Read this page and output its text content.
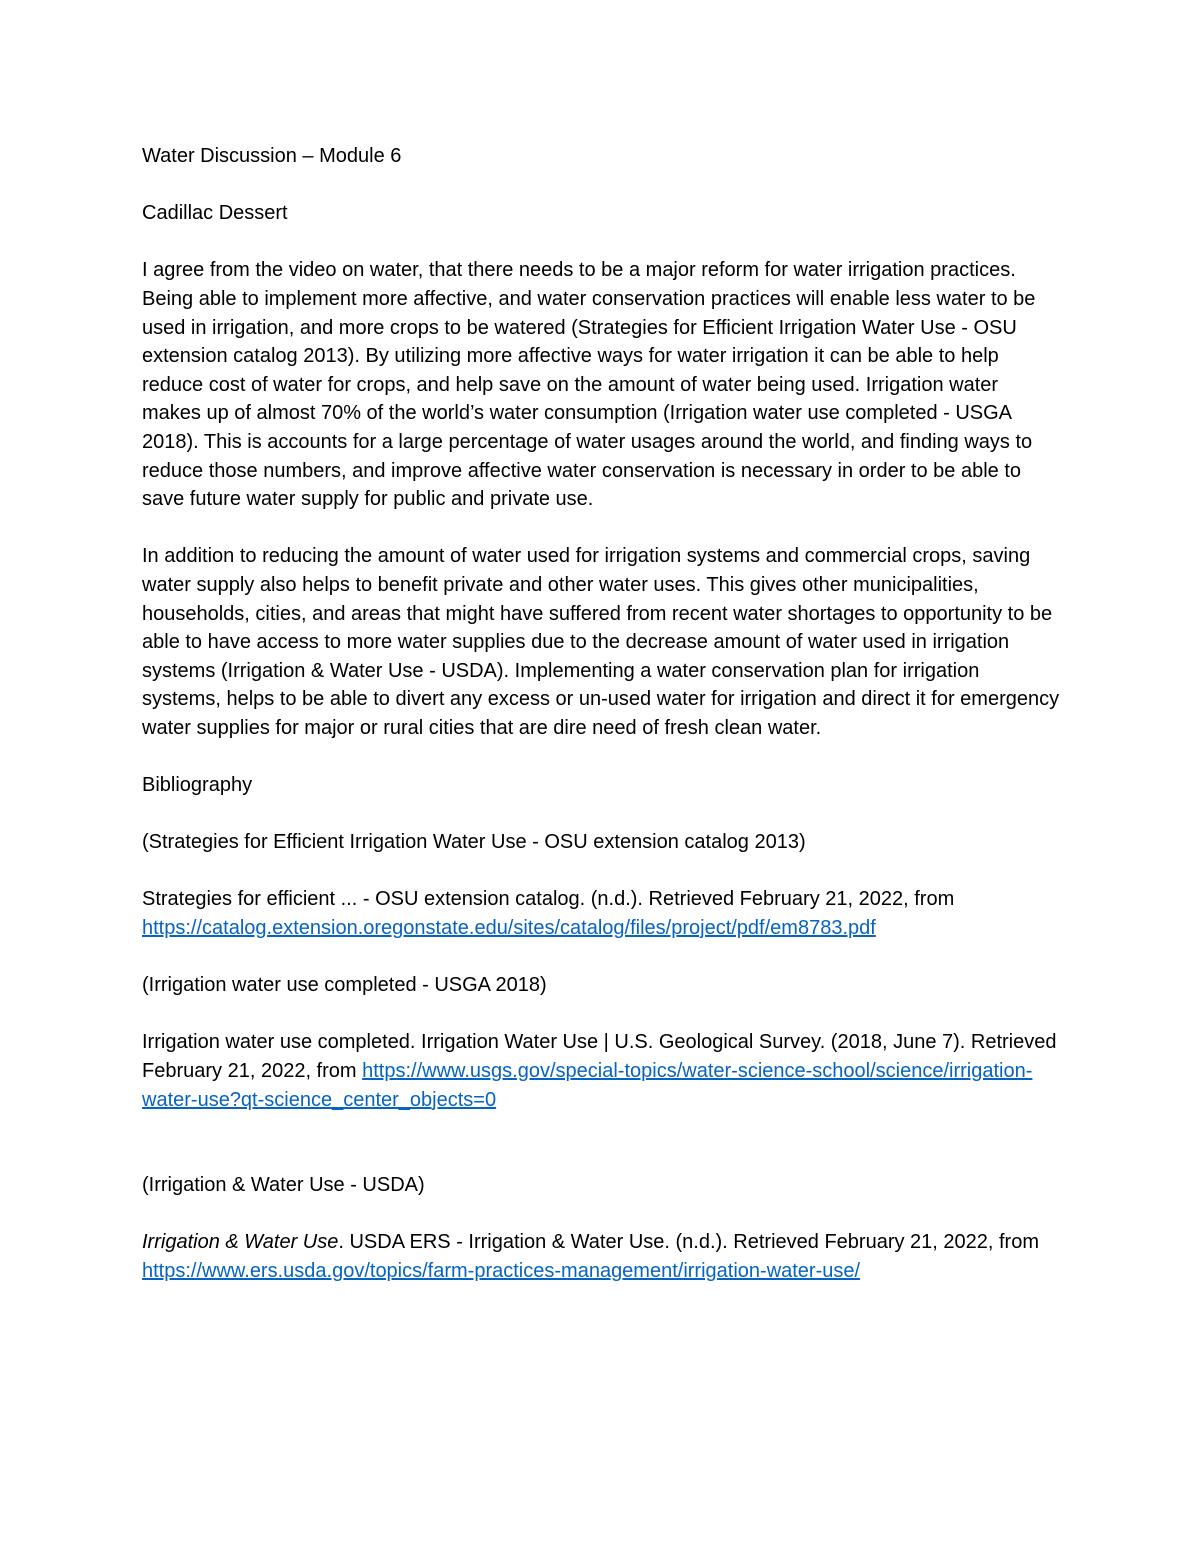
Water Discussion – Module 6

Cadillac Dessert

I agree from the video on water, that there needs to be a major reform for water irrigation practices. Being able to implement more affective, and water conservation practices will enable less water to be used in irrigation, and more crops to be watered (Strategies for Efficient Irrigation Water Use - OSU extension catalog 2013). By utilizing more affective ways for water irrigation it can be able to help reduce cost of water for crops, and help save on the amount of water being used. Irrigation water makes up of almost 70% of the world’s water consumption (Irrigation water use completed - USGA 2018). This is accounts for a large percentage of water usages around the world, and finding ways to reduce those numbers, and improve affective water conservation is necessary in order to be able to save future water supply for public and private use.

In addition to reducing the amount of water used for irrigation systems and commercial crops, saving water supply also helps to benefit private and other water uses. This gives other municipalities, households, cities, and areas that might have suffered from recent water shortages to opportunity to be able to have access to more water supplies due to the decrease amount of water used in irrigation systems (Irrigation & Water Use - USDA). Implementing a water conservation plan for irrigation systems, helps to be able to divert any excess or un-used water for irrigation and direct it for emergency water supplies for major or rural cities that are dire need of fresh clean water.

Bibliography

(Strategies for Efficient Irrigation Water Use - OSU extension catalog 2013)

Strategies for efficient ... - OSU extension catalog. (n.d.). Retrieved February 21, 2022, from https://catalog.extension.oregonstate.edu/sites/catalog/files/project/pdf/em8783.pdf

(Irrigation water use completed - USGA 2018)

Irrigation water use completed. Irrigation Water Use | U.S. Geological Survey. (2018, June 7). Retrieved February 21, 2022, from https://www.usgs.gov/special-topics/water-science-school/science/irrigation-water-use?qt-science_center_objects=0

(Irrigation & Water Use - USDA)

Irrigation & Water Use. USDA ERS - Irrigation & Water Use. (n.d.). Retrieved February 21, 2022, from https://www.ers.usda.gov/topics/farm-practices-management/irrigation-water-use/
